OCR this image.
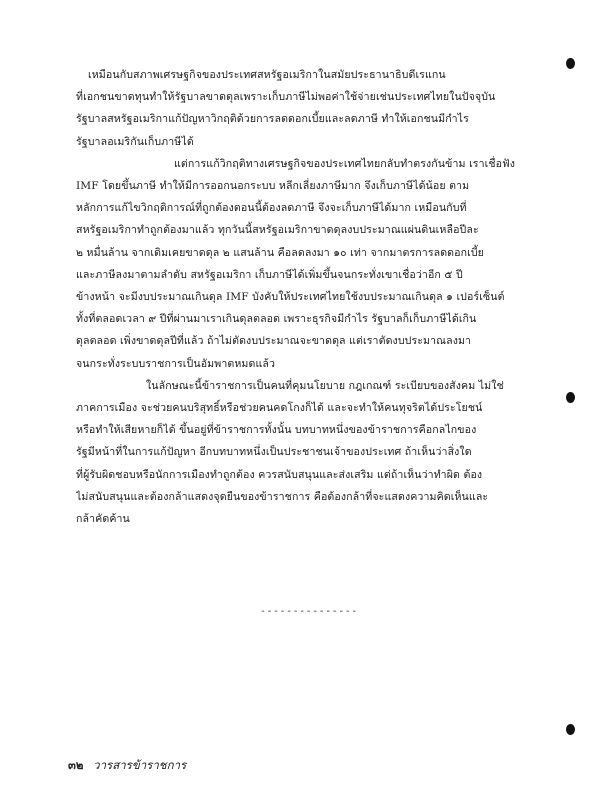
เหมือนกับสภาพเศรษฐกิจของประเทศสหรัฐอเมริกาในสมัยประธานาธิบดีเรแกน
ที่เอกชนขาดทุนทำให้รัฐบาลขาดดุลเพราะเก็บภาษีไม่พอค่าใช้จ่ายเช่นประเทศไทยในปัจจุบัน
รัฐบาลสหรัฐอเมริกาแก้ปัญหาวิกฤติด้วยการลดดอกเบี้ยและลดภาษี ทำให้เอกชนมีกำไร
รัฐบาลอเมริกันเก็บภาษีได้
แต่การแก้วิกฤติทางเศรษฐกิจของประเทศไทยกลับทำตรงกันข้าม เราเชื่อฟัง
IMF โดยขึ้นภาษี ทำให้มีการออกนอกระบบ หลีกเลี่ยงภาษีมาก จึงเก็บภาษีได้น้อย ตาม
หลักการแก้ไขวิกฤติการณ์ที่ถูกต้องตอนนี้ต้องลดภาษี จึงจะเก็บภาษีได้มาก เหมือนกับที่
สหรัฐอเมริกาทำถูกต้องมาแล้ว ทุกวันนี้สหรัฐอเมริกาขาดดุลงบประมาณแผ่นดินเหลือปีละ
๒ หมื่นล้าน จากเดิมเคยขาดดุล ๒ แสนล้าน คือลดลงมา ๑๐ เท่า จากมาตรการลดดอกเบี้ย
และภาษีลงมาตามลำดับ สหรัฐอเมริกา เก็บภาษีได้เพิ่มขึ้นจนกระทั่งเขาเชื่อว่าอีก ๕ ปี
ข้างหน้า จะมีงบประมาณเกินดุล IMF บังคับให้ประเทศไทยใช้งบประมาณเกินดุล ๑ เปอร์เซ็นต์
ทั้งที่ตลอดเวลา ๙ ปีที่ผ่านมาเราเกินดุลตลอด เพราะธุรกิจมีกำไร รัฐบาลก็เก็บภาษีได้เกิน
ดุลตลอด เพิ่งขาดดุลปีที่แล้ว ถ้าไม่ตัดงบประมาณจะขาดดุล แต่เราตัดงบประมาณลงมา
จนกระทั่งระบบราชการเป็นอัมพาตหมดแล้ว
ในลักษณะนี้ข้าราชการเป็นคนที่คุมนโยบาย กฎเกณฑ์ ระเบียบของสังคม ไม่ใช่
ภาคการเมือง จะช่วยคนบริสุทธิ์หรือช่วยคนคดโกงก็ได้ และจะทำให้คนทุจริตได้ประโยชน์
หรือทำให้เสียหายก็ได้ ขึ้นอยู่ที่ข้าราชการทั้งนั้น บทบาทหนึ่งของข้าราชการคือกลไกของ
รัฐมีหน้าที่ในการแก้ปัญหา อีกบทบาทหนึ่งเป็นประชาชนเจ้าของประเทศ ถ้าเห็นว่าสิ่งใด
ที่ผู้รับผิดชอบหรือนักการเมืองทำถูกต้อง ควรสนับสนุนและส่งเสริม แต่ถ้าเห็นว่าทำผิด ต้อง
ไม่สนับสนุนและต้องกล้าแสดงจุดยืนของข้าราชการ คือต้องกล้าที่จะแสดงความคิดเห็นและ
กล้าคัดค้าน
---------------
๓๒ วารสารข้าราชการ
